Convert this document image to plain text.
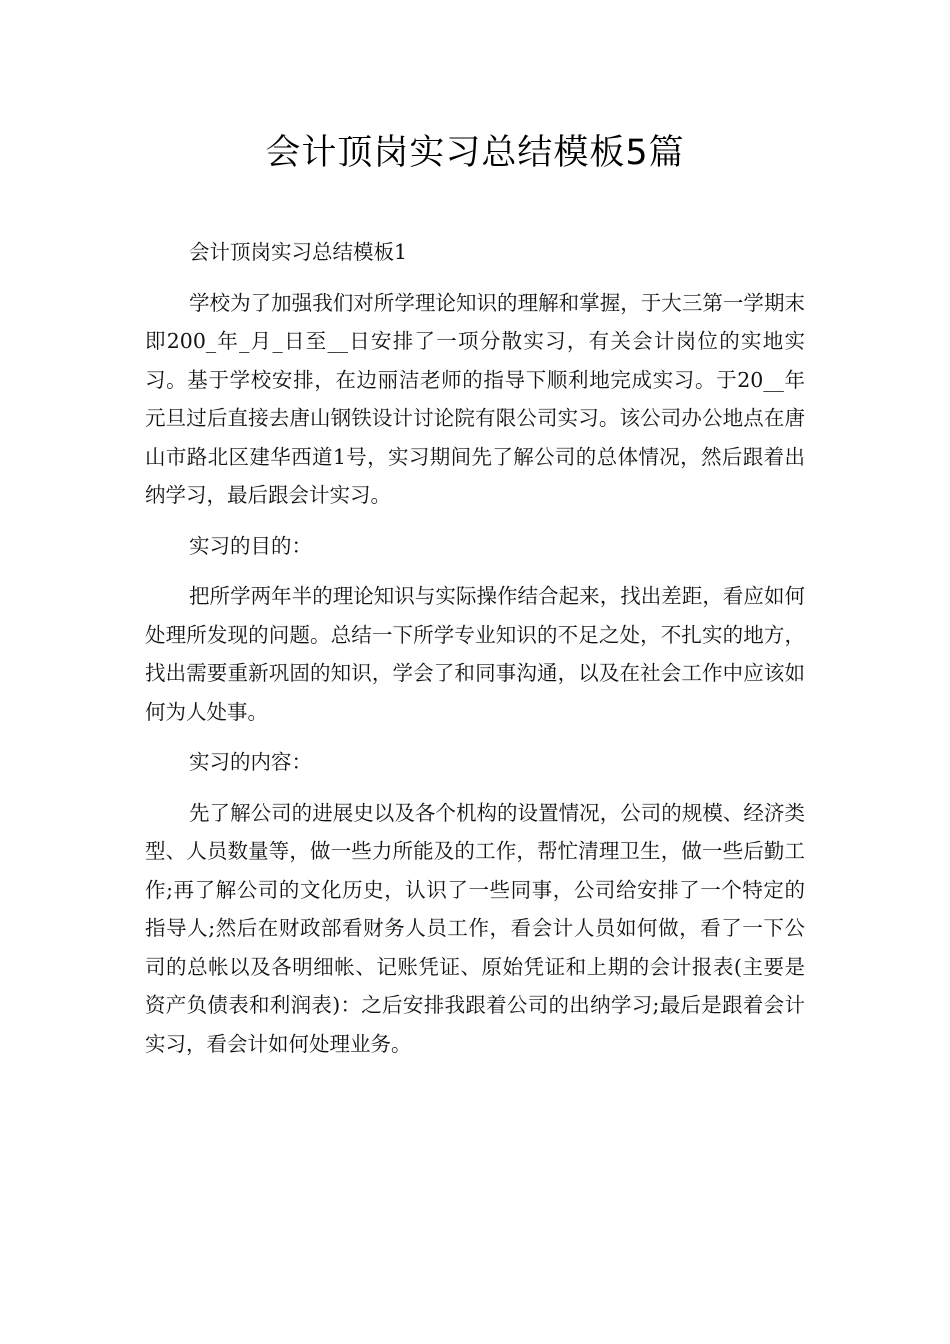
会计顶岗实习总结模板5篇

会计顶岗实习总结模板1

学校为了加强我们对所学理论知识的理解和掌握，于大三第一学期末即200_年_月_日至__日安排了一项分散实习，有关会计岗位的实地实习。基于学校安排，在边丽洁老师的指导下顺利地完成实习。于20__年元旦过后直接去唐山钢铁设计讨论院有限公司实习。该公司办公地点在唐山市路北区建华西道1号，实习期间先了解公司的总体情况，然后跟着出纳学习，最后跟会计实习。

实习的目的：

把所学两年半的理论知识与实际操作结合起来，找出差距，看应如何处理所发现的问题。总结一下所学专业知识的不足之处，不扎实的地方，找出需要重新巩固的知识，学会了和同事沟通，以及在社会工作中应该如何为人处事。

实习的内容：

先了解公司的进展史以及各个机构的设置情况，公司的规模、经济类型、人员数量等，做一些力所能及的工作，帮忙清理卫生，做一些后勤工作;再了解公司的文化历史，认识了一些同事，公司给安排了一个特定的指导人;然后在财政部看财务人员工作，看会计人员如何做，看了一下公司的总帐以及各明细帐、记账凭证、原始凭证和上期的会计报表(主要是资产负债表和利润表)：之后安排我跟着公司的出纳学习;最后是跟着会计实习，看会计如何处理业务。
